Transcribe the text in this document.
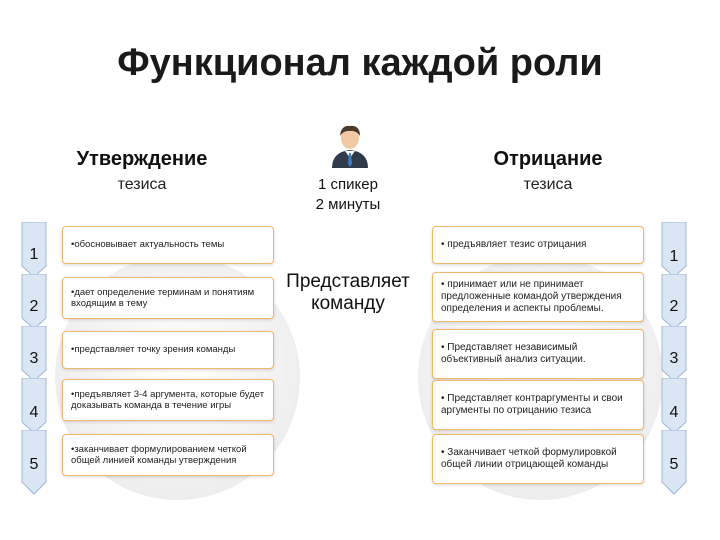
Функционал каждой роли
Утверждение
тезиса
Отрицание
тезиса
1 спикер
2 минуты
Представляет
команду
1
2
3
4
5
1
2
3
4
5
•обосновывает актуальность темы
•дает определение терминам и понятиям входящим в тему
•представляет точку зрения команды
•предъявляет 3-4 аргумента, которые будет доказывать команда в течение игры
•заканчивает формулированием четкой общей линией команды утверждения
• предъявляет тезис отрицания
• принимает или не принимает предложенные командой утверждения определения и аспекты проблемы.
• Представляет независимый объективный анализ ситуации.
• Представляет контраргументы и свои аргументы по отрицанию тезиса
• Заканчивает четкой формулировкой общей линии отрицающей команды
